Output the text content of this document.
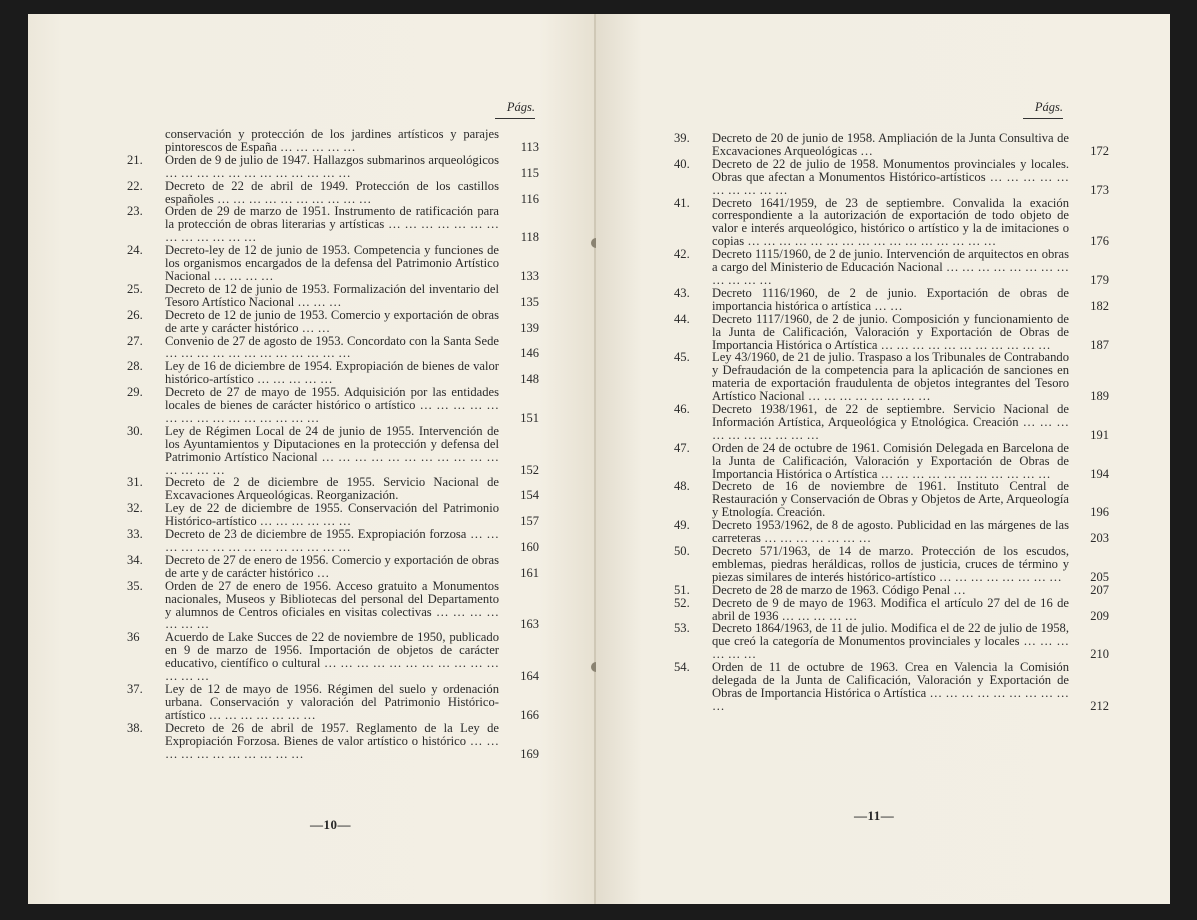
Págs.
conservación y protección de los jardines artísticos y parajes pintorescos de España … … … … …	113
21.	Orden de 9 de julio de 1947. Hallazgos submarinos arqueológicos … … … … … … … … … … … …	115
22.	Decreto de 22 de abril de 1949. Protección de los castillos españoles … … … … … … … … … …	116
23.	Orden de 29 de marzo de 1951. Instrumento de ratificación para la protección de obras literarias y artísticas … … … … … … … … … … … … …	118
24.	Decreto-ley de 12 de junio de 1953. Competencia y funciones de los organismos encargados de la defensa del Patrimonio Artístico Nacional … … … …	133
25.	Decreto de 12 de junio de 1953. Formalización del inventario del Tesoro Artístico Nacional … … …	135
26.	Decreto de 12 de junio de 1953. Comercio y exportación de obras de arte y carácter histórico … …	139
27.	Convenio de 27 de agosto de 1953. Concordato con la Santa Sede … … … … … … … … … … … …	146
28.	Ley de 16 de diciembre de 1954. Expropiación de bienes de valor histórico-artístico … … … … …	148
29.	Decreto de 27 de mayo de 1955. Adquisición por las entidades locales de bienes de carácter histórico o artístico … … … … … … … … … … … … … … …	151
30.	Ley de Régimen Local de 24 de junio de 1955. Intervención de los Ayuntamientos y Diputaciones en la protección y defensa del Patrimonio Artístico Nacional … … … … … … … … … … … … … … …	152
31.	Decreto de 2 de diciembre de 1955. Servicio Nacional de Excavaciones Arqueológicas. Reorganización.	154
32.	Ley de 22 de diciembre de 1955. Conservación del Patrimonio Histórico-artístico … … … … … …	157
33.	Decreto de 23 de diciembre de 1955. Expropiación forzosa … … … … … … … … … … … … … …	160
34.	Decreto de 27 de enero de 1956. Comercio y exportación de obras de arte y de carácter histórico …	161
35.	Orden de 27 de enero de 1956. Acceso gratuito a Monumentos nacionales, Museos y Bibliotecas del personal del Departamento y alumnos de Centros oficiales en visitas colectivas … … … … … … …	163
36	Acuerdo de Lake Succes de 22 de noviembre de 1950, publicado en 9 de marzo de 1956. Importación de objetos de carácter educativo, científico o cultural … … … … … … … … … … … … … …	164
37.	Ley de 12 de mayo de 1956. Régimen del suelo y ordenación urbana. Conservación y valoración del Patrimonio Histórico-artístico … … … … … … …	166
38.	Decreto de 26 de abril de 1957. Reglamento de la Ley de Expropiación Forzosa. Bienes de valor artístico o histórico … … … … … … … … … … …	169
—10—
Págs.
39.	Decreto de 20 de junio de 1958. Ampliación de la Junta Consultiva de Excavaciones Arqueológicas …	172
40.	Decreto de 22 de julio de 1958. Monumentos provinciales y locales. Obras que afectan a Monumentos Histórico-artísticos … … … … … … … … … …	173
41.	Decreto 1641/1959, de 23 de septiembre. Convalida la exación correspondiente a la autorización de exportación de todo objeto de valor e interés arqueológico, histórico o artístico y la de imitaciones o copias … … … … … … … … … … … … … … … …	176
42.	Decreto 1115/1960, de 2 de junio. Intervención de arquitectos en obras a cargo del Ministerio de Educación Nacional … … … … … … … … … … … …	179
43.	Decreto 1116/1960, de 2 de junio. Exportación de obras de importancia histórica o artística … …	182
44.	Decreto 1117/1960, de 2 de junio. Composición y funcionamiento de la Junta de Calificación, Valoración y Exportación de Obras de Importancia Histórica o Artística … … … … … … … … … … …	187
45.	Ley 43/1960, de 21 de julio. Traspaso a los Tribunales de Contrabando y Defraudación de la competencia para la aplicación de sanciones en materia de exportación fraudulenta de objetos integrantes del Tesoro Artístico Nacional … … … … … … … …	189
46.	Decreto 1938/1961, de 22 de septiembre. Servicio Nacional de Información Artística, Arqueológica y Etnológica. Creación … … … … … … … … … …	191
47.	Orden de 24 de octubre de 1961. Comisión Delegada en Barcelona de la Junta de Calificación, Valoración y Exportación de Obras de Importancia Histórica o Artística … … … … … … … … … … …	194
48.	Decreto de 16 de noviembre de 1961. Instituto Central de Restauración y Conservación de Obras y Objetos de Arte, Arqueología y Etnología. Creación.	196
49.	Decreto 1953/1962, de 8 de agosto. Publicidad en las márgenes de las carreteras … … … … … … …	203
50.	Decreto 571/1963, de 14 de marzo. Protección de los escudos, emblemas, piedras heráldicas, rollos de justicia, cruces de término y piezas similares de interés histórico-artístico … … … … … … … …	205
51.	Decreto de 28 de marzo de 1963. Código Penal …	207
52.	Decreto de 9 de mayo de 1963. Modifica el artículo 27 del de 16 de abril de 1936 … … … … …	209
53.	Decreto 1864/1963, de 11 de julio. Modifica el de 22 de julio de 1958, que creó la categoría de Monumentos provinciales y locales … … … … … …	210
54.	Orden de 11 de octubre de 1963. Crea en Valencia la Comisión delegada de la Junta de Calificación, Valoración y Exportación de Obras de Importancia Histórica o Artística … … … … … … … … … …	212
—11—
